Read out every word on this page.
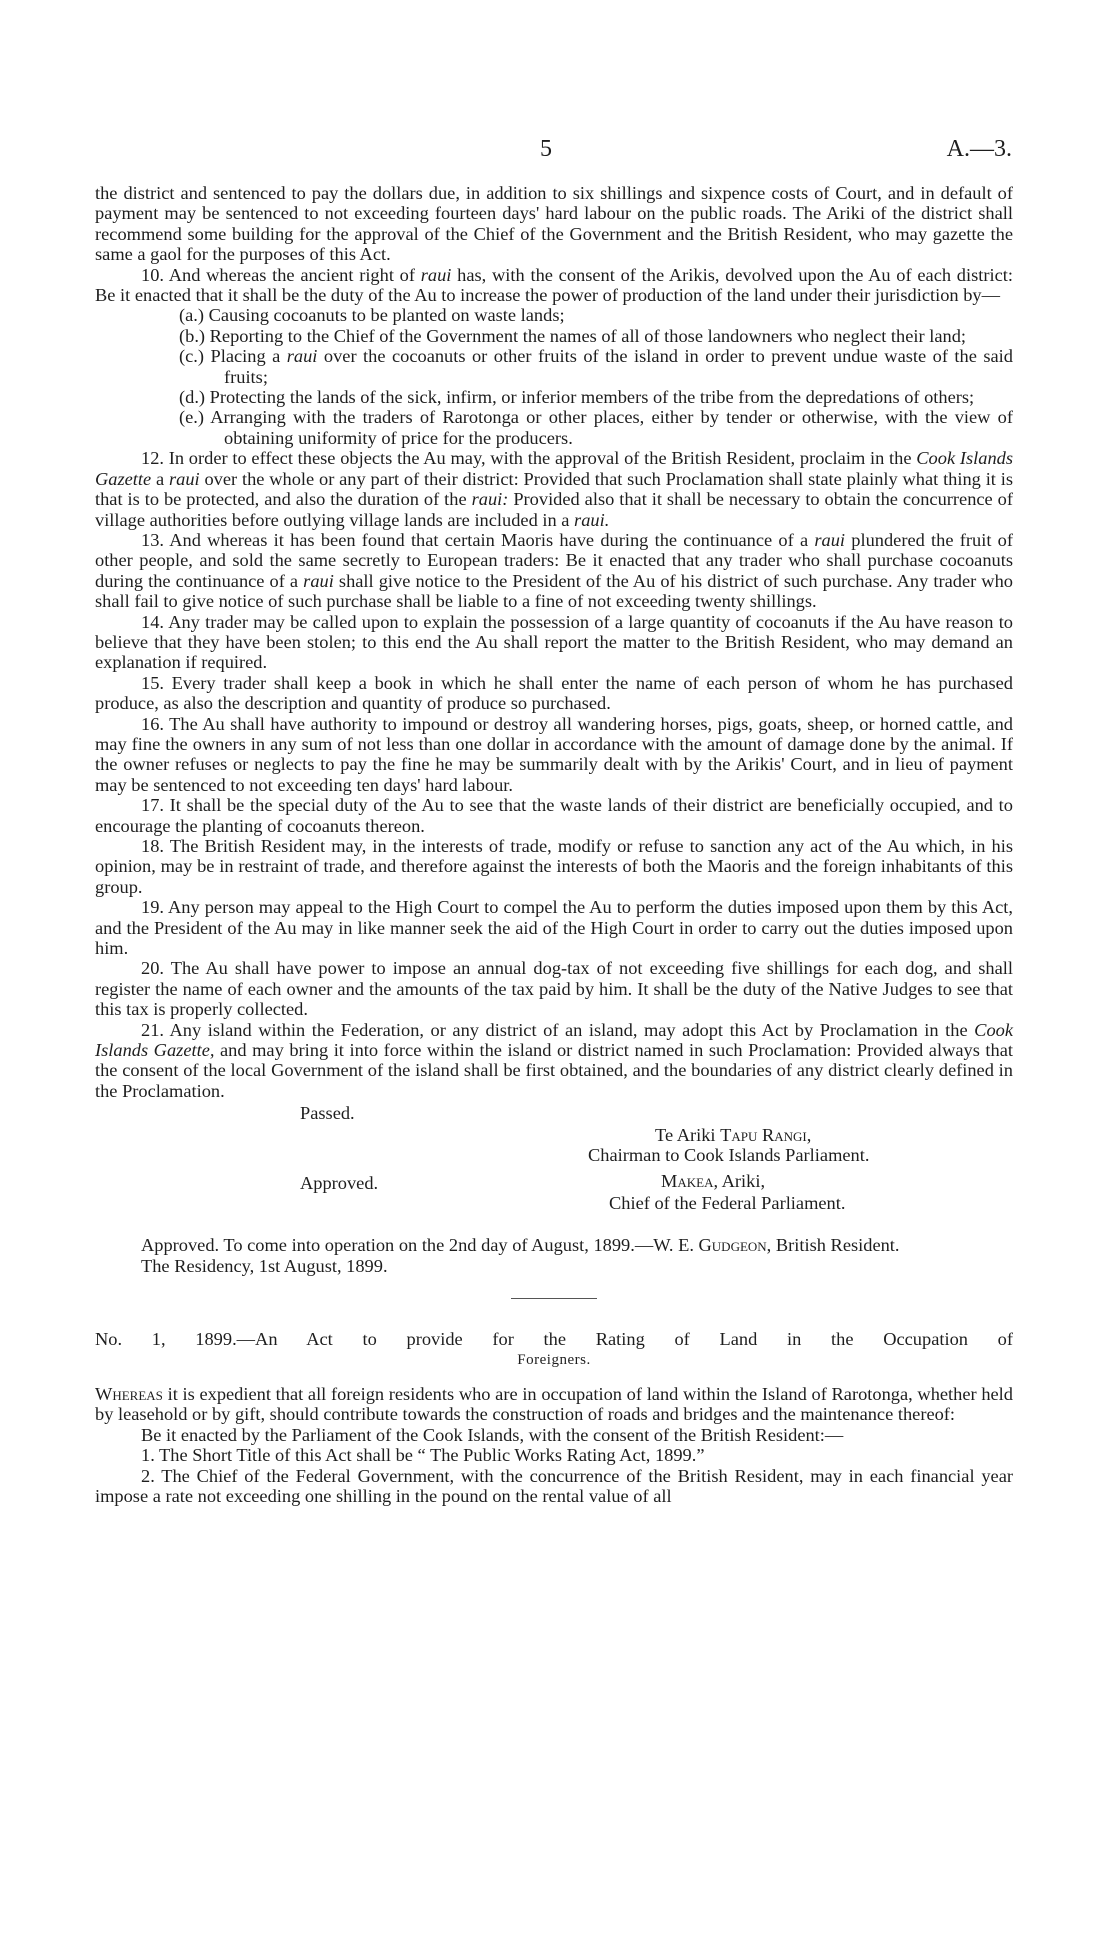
5	A.—3.

the district and sentenced to pay the dollars due, in addition to six shillings and sixpence costs of Court, and in default of payment may be sentenced to not exceeding fourteen days' hard labour on the public roads. The Ariki of the district shall recommend some building for the approval of the Chief of the Government and the British Resident, who may gazette the same a gaol for the purposes of this Act.

10. And whereas the ancient right of raui has, with the consent of the Arikis, devolved upon the Au of each district: Be it enacted that it shall be the duty of the Au to increase the power of production of the land under their jurisdiction by—

(a.) Causing cocoanuts to be planted on waste lands;

(b.) Reporting to the Chief of the Government the names of all of those landowners who neglect their land;

(c.) Placing a raui over the cocoanuts or other fruits of the island in order to prevent undue waste of the said fruits;

(d.) Protecting the lands of the sick, infirm, or inferior members of the tribe from the depredations of others;

(e.) Arranging with the traders of Rarotonga or other places, either by tender or otherwise, with the view of obtaining uniformity of price for the producers.

12. In order to effect these objects the Au may, with the approval of the British Resident, proclaim in the Cook Islands Gazette a raui over the whole or any part of their district: Provided that such Proclamation shall state plainly what thing it is that is to be protected, and also the duration of the raui: Provided also that it shall be necessary to obtain the concurrence of village authorities before outlying village lands are included in a raui.

13. And whereas it has been found that certain Maoris have during the continuance of a raui plundered the fruit of other people, and sold the same secretly to European traders: Be it enacted that any trader who shall purchase cocoanuts during the continuance of a raui shall give notice to the President of the Au of his district of such purchase. Any trader who shall fail to give notice of such purchase shall be liable to a fine of not exceeding twenty shillings.

14. Any trader may be called upon to explain the possession of a large quantity of cocoanuts if the Au have reason to believe that they have been stolen; to this end the Au shall report the matter to the British Resident, who may demand an explanation if required.

15. Every trader shall keep a book in which he shall enter the name of each person of whom he has purchased produce, as also the description and quantity of produce so purchased.

16. The Au shall have authority to impound or destroy all wandering horses, pigs, goats, sheep, or horned cattle, and may fine the owners in any sum of not less than one dollar in accordance with the amount of damage done by the animal. If the owner refuses or neglects to pay the fine he may be summarily dealt with by the Arikis' Court, and in lieu of payment may be sentenced to not exceeding ten days' hard labour.

17. It shall be the special duty of the Au to see that the waste lands of their district are beneficially occupied, and to encourage the planting of cocoanuts thereon.

18. The British Resident may, in the interests of trade, modify or refuse to sanction any act of the Au which, in his opinion, may be in restraint of trade, and therefore against the interests of both the Maoris and the foreign inhabitants of this group.

19. Any person may appeal to the High Court to compel the Au to perform the duties imposed upon them by this Act, and the President of the Au may in like manner seek the aid of the High Court in order to carry out the duties imposed upon him.

20. The Au shall have power to impose an annual dog-tax of not exceeding five shillings for each dog, and shall register the name of each owner and the amounts of the tax paid by him. It shall be the duty of the Native Judges to see that this tax is properly collected.

21. Any island within the Federation, or any district of an island, may adopt this Act by Proclamation in the Cook Islands Gazette, and may bring it into force within the island or district named in such Proclamation: Provided always that the consent of the local Government of the island shall be first obtained, and the boundaries of any district clearly defined in the Proclamation.

Passed.
Te Ariki Tapu Rangi,
Chairman to Cook Islands Parliament.
Approved.	Makea, Ariki,
Chief of the Federal Parliament.

Approved. To come into operation on the 2nd day of August, 1899.—W. E. Gudgeon, British Resident.

The Residency, 1st August, 1899.

No. 1, 1899.—An Act to provide for the Rating of Land in the Occupation of
Foreigners.

Whereas it is expedient that all foreign residents who are in occupation of land within the Island of Rarotonga, whether held by leasehold or by gift, should contribute towards the construction of roads and bridges and the maintenance thereof:

Be it enacted by the Parliament of the Cook Islands, with the consent of the British Resident:—

1. The Short Title of this Act shall be “ The Public Works Rating Act, 1899.”

2. The Chief of the Federal Government, with the concurrence of the British Resident, may in each financial year impose a rate not exceeding one shilling in the pound on the rental value of all
